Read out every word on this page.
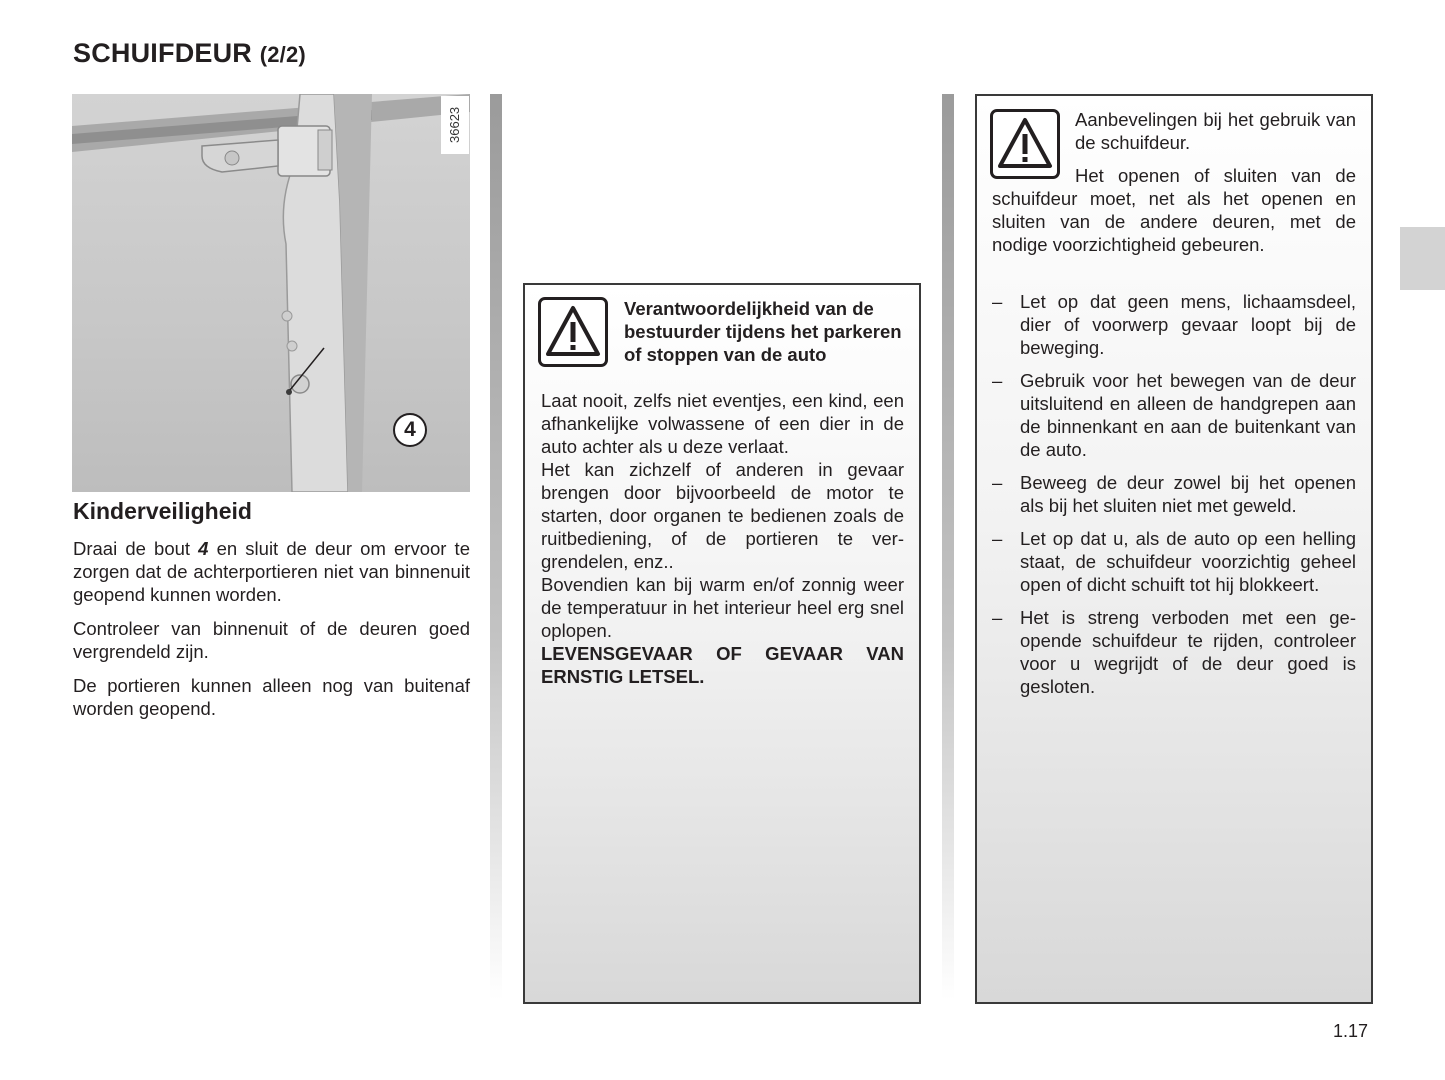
SCHUIFDEUR (2/2)
4
36623
Kinderveiligheid

Draai de bout 4 en sluit de deur om ervoor te zorgen dat de achterportieren niet van binnenuit geopend kunnen worden.

Controleer van binnenuit of de deuren goed vergrendeld zijn.

De portieren kunnen alleen nog van buitenaf worden geopend.

Verantwoordelijkheid van de bestuurder tijdens het parkeren of stoppen van de auto

Laat nooit, zelfs niet eventjes, een kind, een afhankelijke volwassene of een dier in de auto achter als u deze verlaat.

Het kan zichzelf of anderen in gevaar brengen door bijvoorbeeld de motor te starten, door organen te bedienen zoals de ruitbediening, of de portieren te vergrendelen, enz..

Bovendien kan bij warm en/of zonnig weer de temperatuur in het interieur heel erg snel oplopen.

LEVENSGEVAAR OF GEVAAR VAN ERNSTIG LETSEL.

Aanbevelingen bij het gebruik van de schuifdeur.

Het openen of sluiten van de schuifdeur moet, net als het openen en sluiten van de andere deuren, met de nodige voorzichtigheid gebeuren.

– Let op dat geen mens, lichaamsdeel, dier of voorwerp gevaar loopt bij de beweging.
– Gebruik voor het bewegen van de deur uitsluitend en alleen de handgrepen aan de binnenkant en aan de buitenkant van de auto.
– Beweeg de deur zowel bij het openen als bij het sluiten niet met geweld.
– Let op dat u, als de auto op een helling staat, de schuifdeur voorzichtig geheel open of dicht schuift tot hij blokkeert.
– Het is streng verboden met een geopende schuifdeur te rijden, controleer voor u wegrijdt of de deur goed is gesloten.

1.17
